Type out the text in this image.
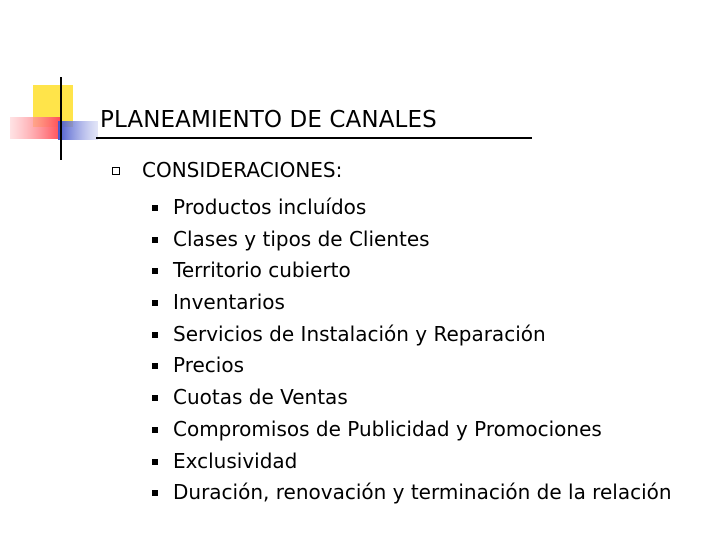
PLANEAMIENTO DE CANALES
CONSIDERACIONES:
Productos incluídos
Clases y tipos de Clientes
Territorio cubierto
Inventarios
Servicios de Instalación y Reparación
Precios
Cuotas de Ventas
Compromisos de Publicidad y Promociones
Exclusividad
Duración, renovación y terminación de la relación
